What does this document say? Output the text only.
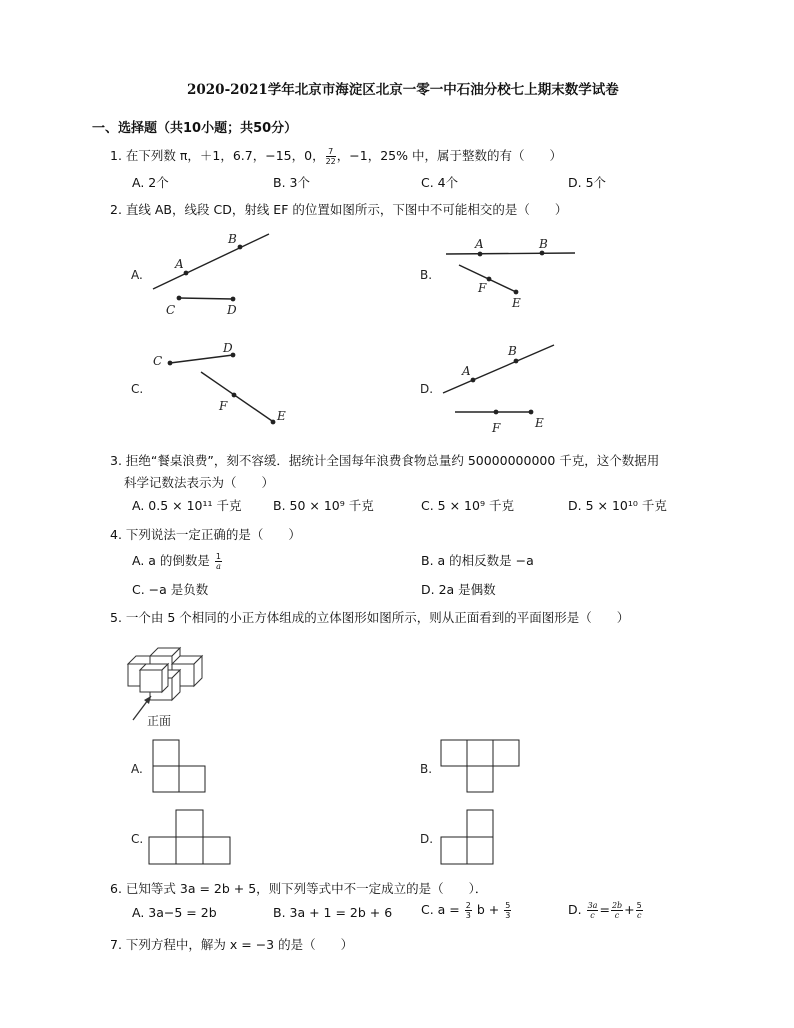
2020-2021学年北京市海淀区北京一零一中石油分校七上期末数学试卷
一、选择题（共10小题；共50分）
1. 在下列数 π，＋1，6.7，−15，0， $\frac{7}{22}$ ，−1，25% 中，属于整数的有（　　）
A. 2个	B. 3个	C. 4个	D. 5个
2. 直线 AB，线段 CD，射线 EF 的位置如图所示，下图中不可能相交的是（　　）
A.
A
B
C	D
B.
A	B
F
E
C.
C
D
F
E
D.
A
B
F	E
3. 拒绝“餐桌浪费”，刻不容缓．据统计全国每年浪费食物总量约 50000000000 千克，这个数据用
科学记数法表示为（　　）
A. 0.5 × 10¹¹ 千克	B. 50 × 10⁹ 千克	C. 5 × 10⁹ 千克	D. 5 × 10¹⁰ 千克
4. 下列说法一定正确的是（　　）
A. a 的倒数是 $\frac{1}{a}$	B. a 的相反数是 −a
C. −a 是负数	D. 2a 是偶数
5. 一个由 5 个相同的小正方体组成的立体图形如图所示，则从正面看到的平面图形是（　　）
正面
A.	B.
C.	D.
6. 已知等式 3a = 2b + 5，则下列等式中不一定成立的是（　　）．
A. 3a−5 = 2b	B. 3a + 1 = 2b + 6 C. $a = \frac{2}{3}$ $b + \frac{5}{3}$	D. $\frac{3a}{c} = \frac{2b}{c} + \frac{5}{c}$
7. 下列方程中，解为 x = −3 的是（　　）
